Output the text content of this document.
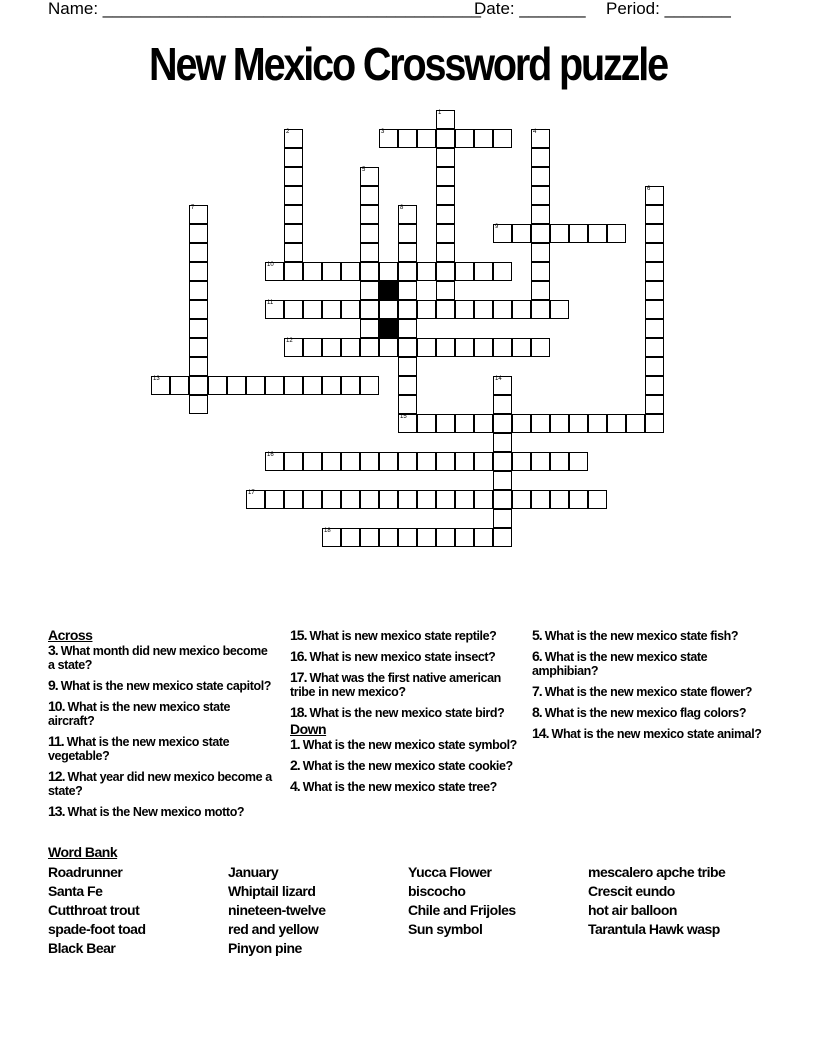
Name: ________________________________________
Date: _______ Period: _______
New Mexico Crossword puzzle
3
9
10
11
12
13
15
16
17
18
1
2	4
5
6
7	8
14
Across
3. What month did new mexico become a state?
9. What is the new mexico state capitol?
10. What is the new mexico state aircraft?
11. What is the new mexico state vegetable?
12. What year did new mexico become a state?
13. What is the New mexico motto?
15. What is new mexico state reptile?
16. What is new mexico state insect?
17. What was the first native american tribe in new mexico?
18. What is the new mexico state bird?
Down
1. What is the new mexico state symbol?
2. What is the new mexico state cookie?
4. What is the new mexico state tree?
5. What is the new mexico state fish?
6. What is the new mexico state amphibian?
7. What is the new mexico state flower?
8. What is the new mexico flag colors?
14. What is the new mexico state animal?
Word Bank
Roadrunner
Santa Fe
Cutthroat trout
spade-foot toad
Black Bear
January
Whiptail lizard
nineteen-twelve
red and yellow
Pinyon pine
Yucca Flower
biscocho
Chile and Frijoles
Sun symbol
mescalero apche tribe
Crescit eundo
hot air balloon
Tarantula Hawk wasp
